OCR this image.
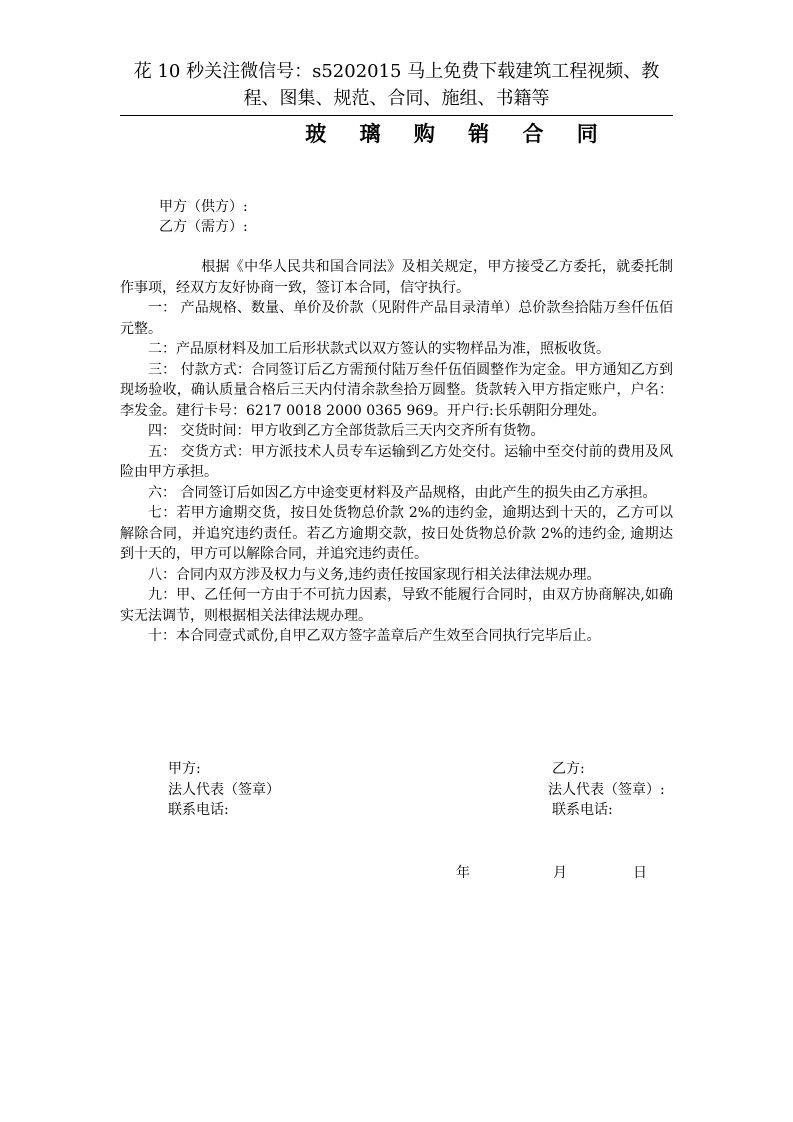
花 10 秒关注微信号：s5202015 马上免费下载建筑工程视频、教
程、图集、规范、合同、施组、书籍等
玻 璃 购 销 合 同
甲方（供方）:
乙方（需方）:

根据《中华人民共和国合同法》及相关规定，甲方接受乙方委托，就委托制作事项，经双方友好协商一致，签订本合同，信守执行。

一： 产品规格、数量、单价及价款（见附件产品目录清单）总价款叁拾陆万叁仟伍佰元整。

二：产品原材料及加工后形状款式以双方签认的实物样品为准，照板收货。

三： 付款方式：合同签订后乙方需预付陆万叁仟伍佰圆整作为定金。甲方通知乙方到现场验收，确认质量合格后三天内付清余款叁拾万圆整。货款转入甲方指定账户，户名：李发金。建行卡号：6217 0018 2000 0365 969。开户行:长乐朝阳分理处。

四： 交货时间：甲方收到乙方全部货款后三天内交齐所有货物。

五： 交货方式：甲方派技术人员专车运输到乙方处交付。运输中至交付前的费用及风险由甲方承担。

六： 合同签订后如因乙方中途变更材料及产品规格，由此产生的损失由乙方承担。

七：若甲方逾期交货，按日处货物总价款 2%的违约金，逾期达到十天的，乙方可以解除合同，并追究违约责任。若乙方逾期交款，按日处货物总价款 2%的违约金, 逾期达到十天的，甲方可以解除合同，并追究违约责任。

八：合同内双方涉及权力与义务,违约责任按国家现行相关法律法规办理。

九：甲、乙任何一方由于不可抗力因素，导致不能履行合同时，由双方协商解决,如确实无法调节，则根据相关法律法规办理。

十：本合同壹式贰份,自甲乙双方签字盖章后产生效至合同执行完毕后止。

甲方:
法人代表（签章）
联系电话:
乙方:
法人代表（签章）:
联系电话:
年	月	日
